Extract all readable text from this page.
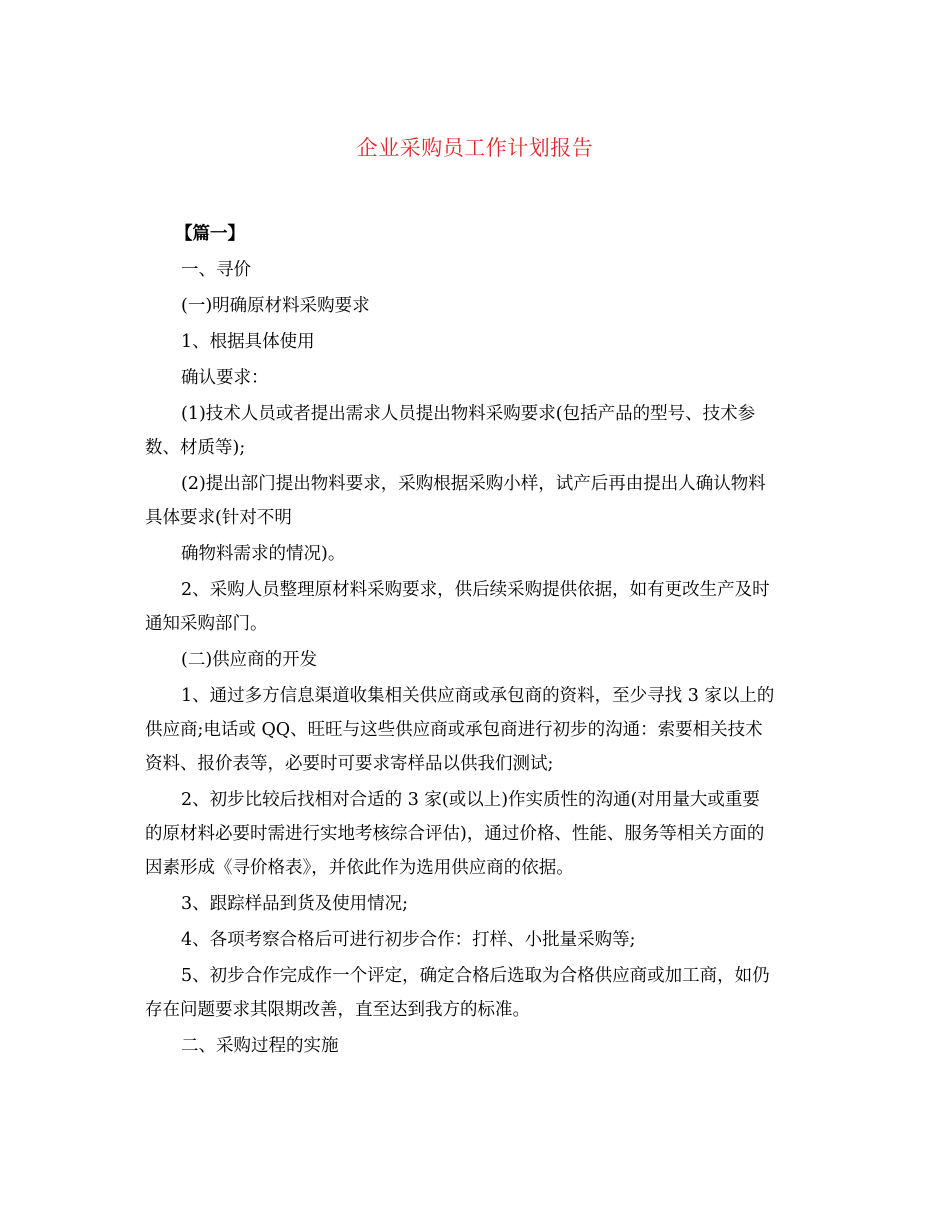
企业采购员工作计划报告
【篇一】
一、寻价
(一)明确原材料采购要求
1、根据具体使用
确认要求：
(1)技术人员或者提出需求人员提出物料采购要求(包括产品的型号、技术参
数、材质等);
(2)提出部门提出物料要求，采购根据采购小样，试产后再由提出人确认物料
具体要求(针对不明
确物料需求的情况)。
2、采购人员整理原材料采购要求，供后续采购提供依据，如有更改生产及时
通知采购部门。
(二)供应商的开发
1、通过多方信息渠道收集相关供应商或承包商的资料，至少寻找 3 家以上的
供应商;电话或 QQ、旺旺与这些供应商或承包商进行初步的沟通：索要相关技术
资料、报价表等，必要时可要求寄样品以供我们测试;
2、初步比较后找相对合适的 3 家(或以上)作实质性的沟通(对用量大或重要
的原材料必要时需进行实地考核综合评估)，通过价格、性能、服务等相关方面的
因素形成《寻价格表》，并依此作为选用供应商的依据。
3、跟踪样品到货及使用情况;
4、各项考察合格后可进行初步合作：打样、小批量采购等;
5、初步合作完成作一个评定，确定合格后选取为合格供应商或加工商，如仍
存在问题要求其限期改善，直至达到我方的标准。
二、采购过程的实施
